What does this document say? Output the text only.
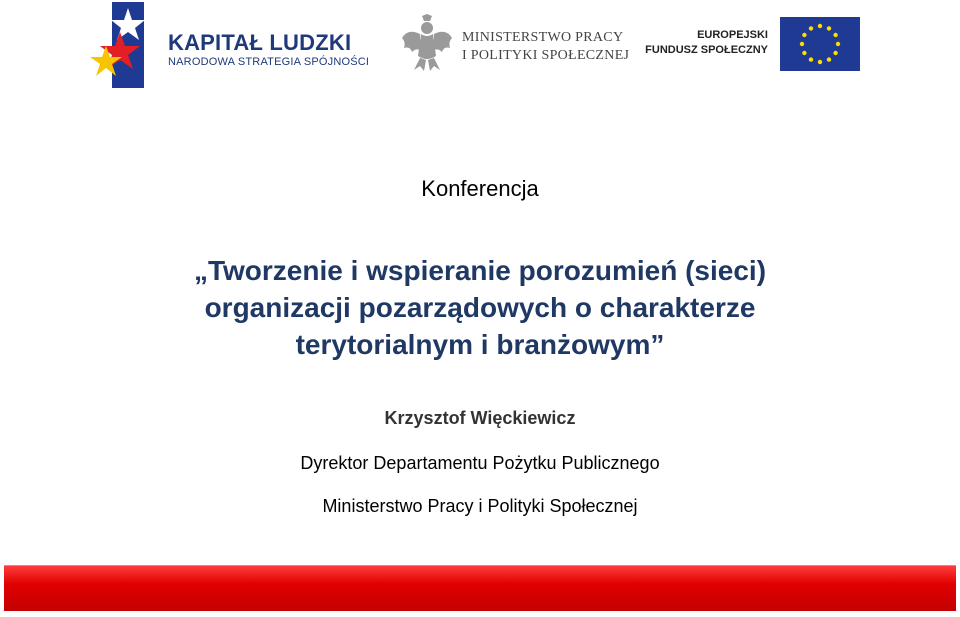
KAPITAŁ LUDZKI
NARODOWA STRATEGIA SPÓJNOŚCI
MINISTERSTWO PRACY
I POLITYKI SPOŁECZNEJ
EUROPEJSKI
FUNDUSZ SPOŁECZNY
Konferencja
„Tworzenie i wspieranie porozumień (sieci)
organizacji pozarządowych o charakterze
terytorialnym i branżowym”
Krzysztof Więckiewicz
Dyrektor Departamentu Pożytku Publicznego
Ministerstwo Pracy i Polityki Społecznej
